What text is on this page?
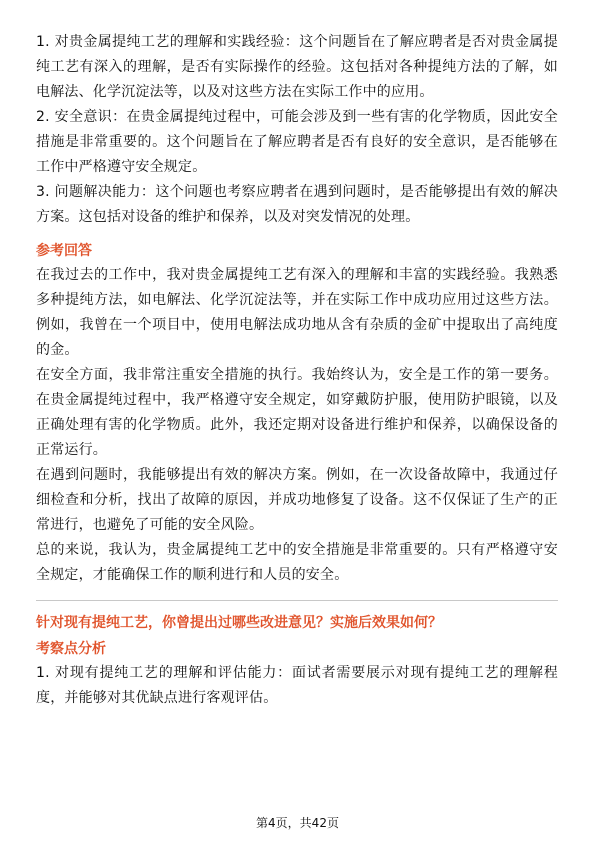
1. 对贵金属提纯工艺的理解和实践经验：这个问题旨在了解应聘者是否对贵金属提纯工艺有深入的理解，是否有实际操作的经验。这包括对各种提纯方法的了解，如电解法、化学沉淀法等，以及对这些方法在实际工作中的应用。

2. 安全意识：在贵金属提纯过程中，可能会涉及到一些有害的化学物质，因此安全措施是非常重要的。这个问题旨在了解应聘者是否有良好的安全意识，是否能够在工作中严格遵守安全规定。

3. 问题解决能力：这个问题也考察应聘者在遇到问题时，是否能够提出有效的解决方案。这包括对设备的维护和保养，以及对突发情况的处理。

参考回答

在我过去的工作中，我对贵金属提纯工艺有深入的理解和丰富的实践经验。我熟悉多种提纯方法，如电解法、化学沉淀法等，并在实际工作中成功应用过这些方法。例如，我曾在一个项目中，使用电解法成功地从含有杂质的金矿中提取出了高纯度的金。

在安全方面，我非常注重安全措施的执行。我始终认为，安全是工作的第一要务。在贵金属提纯过程中，我严格遵守安全规定，如穿戴防护服，使用防护眼镜，以及正确处理有害的化学物质。此外，我还定期对设备进行维护和保养，以确保设备的正常运行。

在遇到问题时，我能够提出有效的解决方案。例如，在一次设备故障中，我通过仔细检查和分析，找出了故障的原因，并成功地修复了设备。这不仅保证了生产的正常进行，也避免了可能的安全风险。

总的来说，我认为，贵金属提纯工艺中的安全措施是非常重要的。只有严格遵守安全规定，才能确保工作的顺利进行和人员的安全。

针对现有提纯工艺，你曾提出过哪些改进意见？实施后效果如何？
考察点分析

1. 对现有提纯工艺的理解和评估能力：面试者需要展示对现有提纯工艺的理解程度，并能够对其优缺点进行客观评估。

第4页，共42页
